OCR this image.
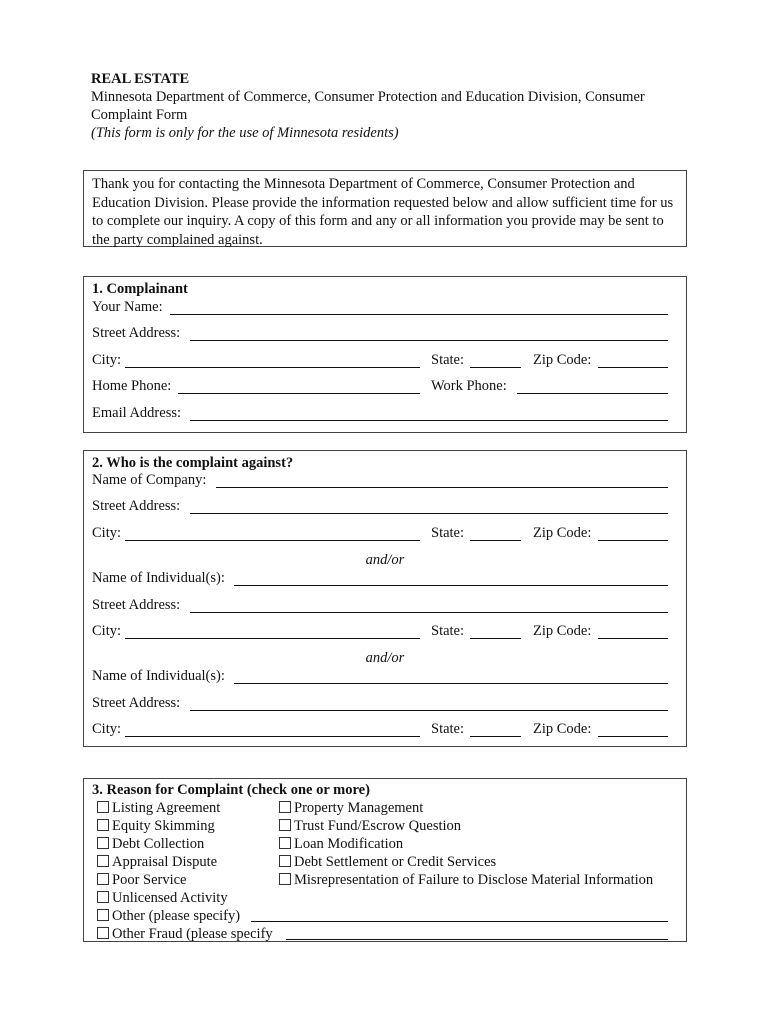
REAL ESTATE
Minnesota Department of Commerce, Consumer Protection and Education Division, Consumer
Complaint Form
(This form is only for the use of Minnesota residents)

Thank you for contacting the Minnesota Department of Commerce, Consumer Protection and Education Division. Please provide the information requested below and allow sufficient time for us to complete our inquiry. A copy of this form and any or all information you provide may be sent to the party complained against.

1. Complainant
Your Name:
Street Address:
City:	State:	Zip Code:
Home Phone:	Work Phone:
Email Address:
2. Who is the complaint against?
Name of Company:
Street Address:
City:	State:	Zip Code:
and/or
Name of Individual(s):
Street Address:
City:	State:	Zip Code:
and/or
Name of Individual(s):
Street Address:
City:	State:	Zip Code:
3. Reason for Complaint (check one or more)
Listing Agreement
Equity Skimming
Debt Collection
Appraisal Dispute
Poor Service
Unlicensed Activity
Property Management
Trust Fund/Escrow Question
Loan Modification
Debt Settlement or Credit Services
Misrepresentation of Failure to Disclose Material Information
Other (please specify)
Other Fraud (please specify
